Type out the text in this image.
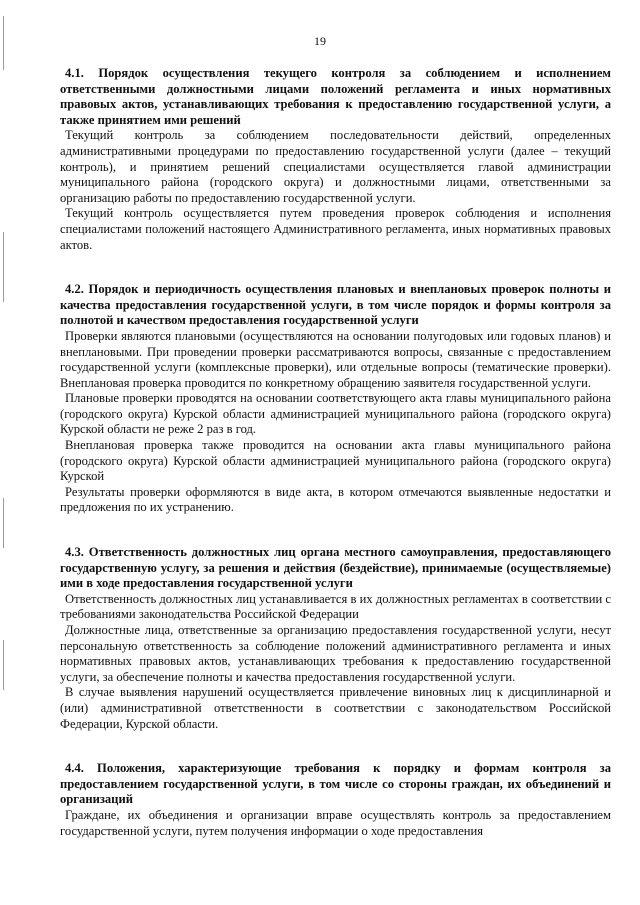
19

4.1. Порядок осуществления текущего контроля за соблюдением и исполнением ответственными должностными лицами положений регламента и иных нормативных правовых актов, устанавливающих требования к предоставлению государственной услуги, а также принятием ими решений

Текущий контроль за соблюдением последовательности действий, определенных административными процедурами по предоставлению государственной услуги (далее – текущий контроль), и принятием решений специалистами осуществляется главой администрации муниципального района (городского округа) и должностными лицами, ответственными за организацию работы по предоставлению государственной услуги.

Текущий контроль осуществляется путем проведения проверок соблюдения и исполнения специалистами положений настоящего Административного регламента, иных нормативных правовых актов.

4.2. Порядок и периодичность осуществления плановых и внеплановых проверок полноты и качества предоставления государственной услуги, в том числе порядок и формы контроля за полнотой и качеством предоставления государственной услуги

Проверки являются плановыми (осуществляются на основании полугодовых или годовых планов) и внеплановыми. При проведении проверки рассматриваются вопросы, связанные с предоставлением государственной услуги (комплексные проверки), или отдельные вопросы (тематические проверки). Внеплановая проверка проводится по конкретному обращению заявителя государственной услуги.

Плановые проверки проводятся на основании соответствующего акта главы муниципального района (городского округа) Курской области администрацией муниципального района (городского округа) Курской области не реже 2 раз в год.

Внеплановая проверка также проводится на основании акта главы муниципального района (городского округа) Курской области администрацией муниципального района (городского округа) Курской

Результаты проверки оформляются в виде акта, в котором отмечаются выявленные недостатки и предложения по их устранению.

4.3. Ответственность должностных лиц органа местного самоуправления, предоставляющего государственную услугу, за решения и действия (бездействие), принимаемые (осуществляемые) ими в ходе предоставления государственной услуги

Ответственность должностных лиц устанавливается в их должностных регламентах в соответствии с требованиями законодательства Российской Федерации

Должностные лица, ответственные за организацию предоставления государственной услуги, несут персональную ответственность за соблюдение положений административного регламента и иных нормативных правовых актов, устанавливающих требования к предоставлению государственной услуги, за обеспечение полноты и качества предоставления государственной услуги.

В случае выявления нарушений осуществляется привлечение виновных лиц к дисциплинарной и (или) административной ответственности в соответствии с законодательством Российской Федерации, Курской области.

4.4. Положения, характеризующие требования к порядку и формам контроля за предоставлением государственной услуги, в том числе со стороны граждан, их объединений и организаций

Граждане, их объединения и организации вправе осуществлять контроль за предоставлением государственной услуги, путем получения информации о ходе предоставления
